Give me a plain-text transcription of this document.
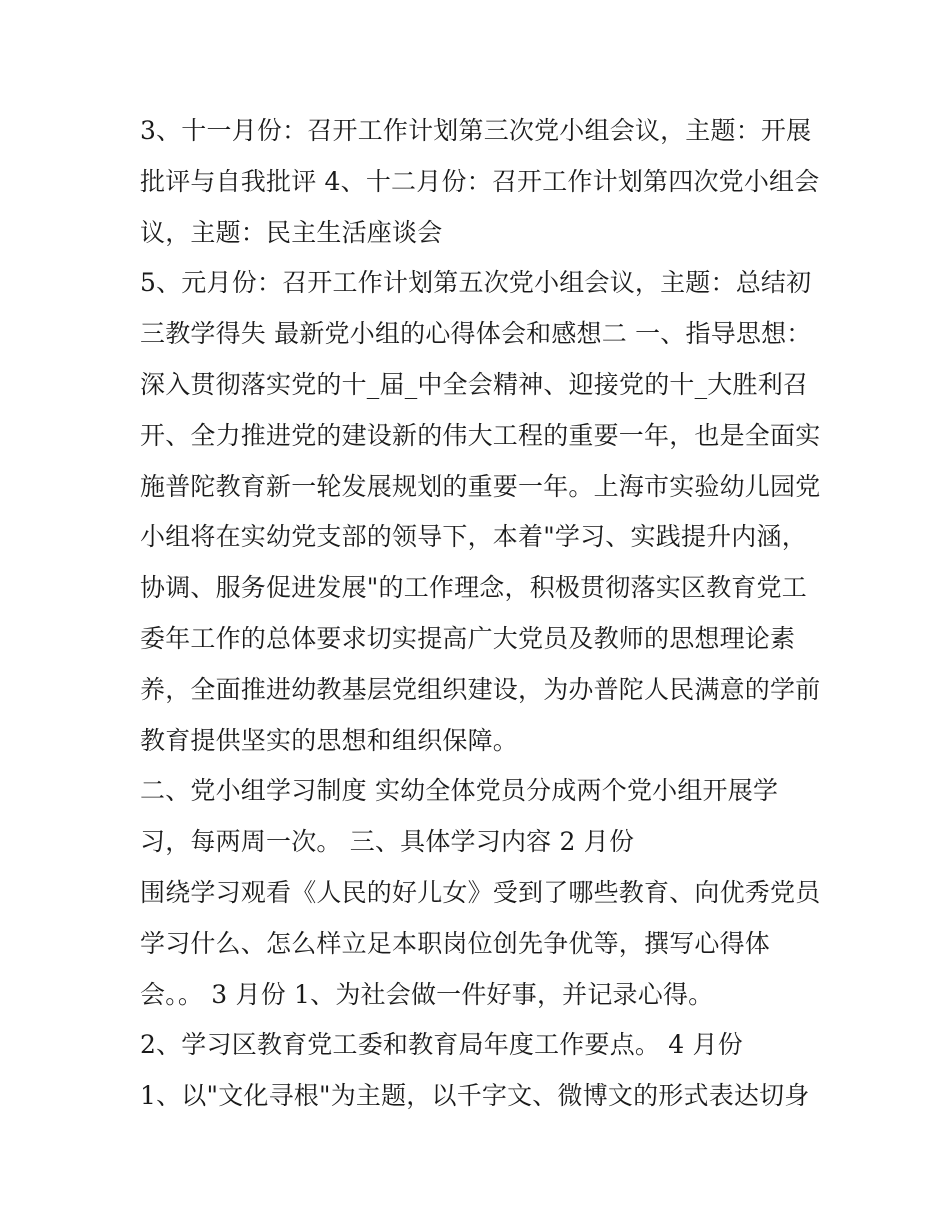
3、十一月份：召开工作计划第三次党小组会议，主题：开展
批评与自我批评 4、十二月份：召开工作计划第四次党小组会
议，主题：民主生活座谈会
5、元月份：召开工作计划第五次党小组会议，主题：总结初
三教学得失 最新党小组的心得体会和感想二 一、指导思想：
深入贯彻落实党的十_届_中全会精神、迎接党的十_大胜利召
开、全力推进党的建设新的伟大工程的重要一年，也是全面实
施普陀教育新一轮发展规划的重要一年。上海市实验幼儿园党
小组将在实幼党支部的领导下，本着"学习、实践提升内涵，
协调、服务促进发展"的工作理念，积极贯彻落实区教育党工
委年工作的总体要求切实提高广大党员及教师的思想理论素
养，全面推进幼教基层党组织建设，为办普陀人民满意的学前
教育提供坚实的思想和组织保障。
二、党小组学习制度 实幼全体党员分成两个党小组开展学
习，每两周一次。 三、具体学习内容 2 月份
围绕学习观看《人民的好儿女》受到了哪些教育、向优秀党员
学习什么、怎么样立足本职岗位创先争优等，撰写心得体
会。。 3 月份 1、为社会做一件好事，并记录心得。
2、学习区教育党工委和教育局年度工作要点。 4 月份
1、以"文化寻根"为主题，以千字文、微博文的形式表达切身
